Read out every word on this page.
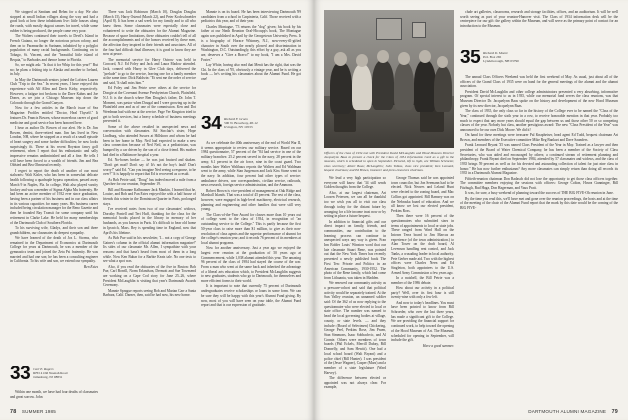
We stopped at Santiam and Behm for a day. We also stopped at small Indian villages along the way and had a good look at how these inhabitants live: little houses along the roads, with mostly dugout canoes for travel, while some rubber is being produced, the people came very poor.

The Walters continued their travels to Devil's Island in French Guiana, no longer the notorious prison colony, and then on to Paramaribo in Surinam, inhabited by a polyglot population of many racial backgrounds. Continuing on to Tobago, St. Vincent, and the "beautiful little island of Bequia," to Barbados and thence home to Florida.

So, we might ask: "Is that it for Whip for this year?" But no; he plans a fishing trip to Alaska and another to Iceland, in July.

In May the Dartmouth seniors joined the Lofoten Lauren Club "Trip to the Sea." In recent years, I have enjoyed this experience with Alf Allen and Davis Kirby, respectively. However, a fatigue trot beckons to the Dave Kahns and Joe Dones, as we join a Chicago Museum trip down the Colorado through the Grand Canyon.

Now for a few articles in the March issue of Sea Magazine: Profiles entitled "Doctor, Heal Thyself." It features Dr. Francis Bowen, whose marvelous career of good medicine and good service has been honored here.

I hear as author Dr. Bowen of our alert. He is Dr. Jim Bowen, dentist, three-retired man. Jim has lived in New London, NH, where he stopped as a result of a small episode of heart surgery and some further difficulties; he now looks surprisingly fit. These at his recent Boynton fancy golf retirement, when I report that his enthusiastic and sally impressive remains undiminished and all a fine. He tells I will have been forced to a wealth of friends. Jim and Bea Oldsted and Bea Olmstead recently.

I regret to report the death of another of our most stalwarts: Walt Kisler, who has been in somewhat delicate health following a quadruple bypass operation, passed away March 9 in Naples, Fla. In college, Walt also played varsity hockey and was a member of Sigma Alpha Mu fraternity. He had been an active member of 1932 ever since graduation, having been a partner of his business and in our class affairs in its various capacities for many years. His business career included being circulation manager for the Reno Gazette and then he founded Bay Transit for some company until his retirement in Clarke Lake. He held for many memberships of the Dartmouth Club of Southern Florida.

To his surviving wife, Gladys, and their son and three grandchildren, our classmates do deepest sympathy.

We have learned of the death of Jos L. Storms, who remained in the Department of Economics at Dartmouth College for years at Dartmouth, he was a member of the gymnastics team and joined the Zeta Psi fraternity. He was married and had one son; he has been a consulting engineer in California. To his wife and son, we extend our sympathy.

Ben Estes

33 Carl E. Rogers
RFD 4 Old Neenah Road
Jamesburg, NJ 08831

Within one month, we have had four deaths of classmates and great sorrow. John

There was Jack Robinson (March 10), Douglas Douglas (March 15), Harry Ostend (March 22), and Peter Kochschneider (April 8). It has been a sad week for my family and to all who knew them. Some classmates were especially close and volunteered to write the obituaries for the Alumni Magazine. Because of space limitations, these obituaries couldn't tell of all the accomplishments and of the honors received by these men, the affection they inspired in their friends and associates. All of the four had difficult final illnesses; it is good to know they are now at peace.

The memorial service for Harry Ostrow was held in Concord, N.J. Ed Foley and Jack and Laura Madow attended. Jack, conned with Harry in Glee Club days, delivered the "prelude" to go to the service, leaving one for a family member at the same time. Dick Baldwin: "Et sent me the order of service and said, 'It shall miss him.'"

Ed Foley and Jim Petrie were others at the service for Doogie at the Covenant Avenue Presbyterian Church, Plainfield, N.J. It is the church where Ben Douglas's father, Dr. John T. Moment, was pastor when Dougal and I were growing up in the Plainfield area and as of one of the commission. Ken and Dot Weedman had with me at the service. Page Ver Kingston tried to get to both services, but a heavy schedule of business meetings prevented it.

Some of the above resulted in unexpected news and conversation with classmates. Ed Sinclair's sister, Hope Lindburg, who attended Sussex at Hillsboro and whom he had been in her home in May. Neil had expected to make a new class connection because of Ned Neil, as a pediatrician, was bumped by a car driven by the son of a close friend. His mother had died in a Baltimore hospital a year.

Ed. No-bones broker — he was just bruised and shaken. "Don't get mad! Don't say it! It's not the boy's fault! Don't worry!" said Ed. "Can you imagine Ned seeing a response, to be over?" It is happily to report that Ed is recovered as a result.

As Bob Petrie said, "Doug" has indeed moved a mile from a Quechee for our reunion, September 19.

Bill and Rosanne Kalbrunner Jack Mankin, I learned that he, Louise, and Bob and Fan Estes enjoyed the with a half house of friends this winter in the Dominican Quarter in Paris, prolonged stays.

I've received notes from two of our classmates' widows, Dorothy Pontell and Teri Huff, thanking for the class for the memorial books placed in the library in memory of her husbands, as you known in Paris. It's difficult to bear old home in Ipswich, Mass. Rey is spending time in England, now that April's his lifetime.

As Bob Pue said in his newsletter, 'I... not a copy of George Gaines's column in the official alumni information magazine?' Its sides of our classmate Mr. Allen, I sympathize with your reasons: and that hasn't heard from most of them in a long while. Now Ken Bubar for a Barbie Keats tale. No one tests to see what a spot was.

Also, if you read the obituaries of the five in Boston: Bob Pue, Carl Borrill, Norm Erlandson, Dermott and Sue Townsend are working on a Cape Cod story for June 25–26, where President McLaughlin is visiting that year's Dartmouth Awards Ceremony.

Mannie Sprague reports seeing Bob and Marian Carr a Santa Barbara, Calif. Darner, then, said he had now, his new home.

Mannie is on its board. He has been interviewing Dartmouth '89 candidates from a school in Carpinteria, Calif. Those received with a pediatrics this year, and of their year.

Charles Montague, '73 returns the "dog" given; his book by his father at our Ninth Reunion Oral-Hiccupp's book, The Montague again was published in April by the Georgetown University Press. It is a biography of Horace Whinney, N.J., now-every-ill-gifted character in South over the nearly plowed and discrimination in Washington, D.C. Outstandingly, this effort by a guy, ask all as you are, deserves a "Give a Bravo!" to my book, "I am a Mrs. David Foster."

Lay White, having also read that Menit has the right, that was the Chi. In the class of '95, obviously a vintage year, and he is writing a book — he's writing his classmates about the Alumni Fund. He got one!

34 Richard F. Gruen
500 N. Broadway, #P-12
Irvington, NY 10533

As we celebrate the 40th anniversary of the end of World War II, it seems appropriate to review our military service. Based on our 1984 questionnaire, 57 percent of the "84 had service in one of the military branches: 25.2 percent served in the navy, 28 percent in the army, 6.1 percent in the air force, nine in the coast guard. Two months later Walter Walthaux reports the Walters and Ed Waldman went to the army, while Stan Jurgenson and Jack Kiss Stone went to the navy. In addition, four percent had other types of service: ambulance drivers, war correspondents, civilian service, railroads, news research, foreign service administration, and the Ammons.

Robert Brown is vice-president of management at Oak Ridge and Marshall Islands. That was a total of 45 percent. The rest of the class, however, were engaged in high-level machinery, electrical research, planning and engineering and other families that were still very young.

The Class-of-the-Year Award for classes more than 10 years out of college went to the class of 1934, in recognition of "an outstanding service to the College." This is partly because the first 50-year class to raise more than $1 million, to give as their non-resolution of class agents and the superior performance of alumni for the college's reunion year; and it records 76 percent of its members at local alumni programs.

Now for another anniversary. Just a year ago we enjoyed the largest ever reunion at the graduation of 50 years ago at Commencement, while 1,038 alumni attended this year. The amazing 96 percent of the class of 1984 had stayed the course of the war. From a man who went at the same back and inherited the advantage of a liberal arts education which, to President McLaughlin suggests to new graduates, students who go to Dartmouth, for themselves and more efficient forms to their world.

It is important to note that currently 75 percent of Dartmouth undergraduates receive scholarships or loans in some form. We can be sure they will be happy with this year's Alumni Fund giving. By now, most of you will have seen on your table, the Alumni Fund report and that is our expression of gratitude.

78 SUMMER 1985

Officers of the class of 1934 met with President David McLaughlin and Hood Museum Director Jacquelynn Baas to present a check for the Class of 1934 Information Card as a gift to the museum, which is scheduled to open in September. Pictured, left to right, are William Schroeter, class secretary; Albert Baas; McLaughlin; John Tobias, class vice president; Ken Leonard, bequest chairman; and Ed Brown, treasurer and press-resources chairman.

We lead a very high participation so everyone will know that '34 still sends Golden thoughts from the College.

Also, at our largest chairman, Art Loosen Petersen, we can all be thankful too we wish you all to visit our class through today for the distant future by arranging for a life income trust now or by setting in place a future bequest.

In addition to financial gifts and our direct impact on family, friends, and communities, our contribution to the learning process can continue in unexpected ways any way is given. Fran Inn Bolder Louis' Winston word that our late classmate Stuart Rene, was pointed out that the New York Times has recently presented a newly published book The First Ten: Private and Politics in an American Community, 1930-1952. The photo of the Rene family, which had come from Lithuania, was taken in Madden.

We renewed our community activity as a pressure-cohort and said that political activity would be separately trained. At the Sun Valley reunion, an unnamed soldier said: Of the 362 of us now replying to the questionnaire who were elected to local or state office. The number was named to head the local governing bodies at village, county, or state levels. — and they include: (Board of Selectmen) Chickering, George Peel, Perkins Rose, Jim Pruen, Stan Simmons, Isaac Sobbachvic, and Al Connie. Others were members of town boards (Phil Eckels, Merrill Dubay, Bill Donnelly, and Sam Hewitt). One had a local school board (Walt Bryant) and a police chief (Bill Hunter). I was president of the (Jesse Wagner), Casper (Mars) and a member of a state legislature (Ward Harvey).

The difference between elected or appointed was not always clear. For example,

George Thomas said he was appointed town councilor, but Jon Seemann had to be elected. Nick Neaves and Leland Hunt were elected to the zoning board, and Mac Collins got appointed. Bill Ramsey was on the Nebraska board of education. And we all know we lost our elected president, Perkins Ross.

Then there were 16 percent of the questionnaires who submitted sizes in terms of appointments to local or state jobs. These ranged from Ward Hall on the Intown Terra board to Jim Marcus an experience (of the town administration.) to Alan Tower on the draft board, Al Levenson handling rent control, and Jack Tanks, a crusading leader in local authority. Pete Gerber made aid. Two with the highest offices were Charles Neen and Ed Singleton, both appointees to the U.S. Armed Army Commission a few years ago.

In a nutshell, the Bill Petrie was a member of the 1986 debate.

How about our activity in a political party? Well, over its first hour is still twenty-nine with only a few left.

And now to today's headlines. You must have been pointed to know from Bill Schroeder, who over the last three years, has made a significant gift to the College. We are providing the financial support for continued work, to help toward the opening of the Hood Museum of Art. The Museum, scheduled for opening in September, will include the gift.

Have a good summer.

clude art galleries, classrooms, research and storage facilities, offices, and an auditorium. It will be well worth seeing as part of your reunion-Hanover visit. The Class of 1934 information desk will be the centrepiece for our gift: the gallery within the Museum, and will serve as the primary point of contact for an introduction to the Museum.

35 Richard D. Moore
P.O. Box 265
Lyndeborough, NH 03790

The annual Class Officers Weekend was held the first weekend of May. As usual, just about all of the officers of the Grand Class of 1935 were on hand for the general meetings of the alumni and the alumni association.

President David McLaughlin and other college administrators presented a very absorbing, informative program. Of special interest to us in 1935, while our memorial fund serves the class reunions, was that Museum Director Dr. Jacquelynn Baas spoke on the history and development of the new Hood Museum given by its new director, Jacquelynn Baas.

The class of 1935, the only class so far in the history of the College ever to be named the "Class of the Year," continued through the sixth year in a row, to receive honorable mention in that year. Probably too much to expect that any more years should equal the gap between us and those other 50 or so competing classes of the year. Nobody but class, another prestigious award: The new "Class President of the Year" was announced to be our own Dick Moore. We did it!

On hand for these meetings were treasurer Pal Knapheiser, head agent Ed Todd, bequest chairman Art Brown, and members of the Executive committee Mike Reg Bankart and Dave Saunders.

Frank Leonard Bryant '35 was named Class President of the Year in May. Trained as a lawyer and then president of the Board of Water Chemical Company, he has been a member of the Society of Class Secretaries, who was aided and encouraged by others; a continued stream of retirement planning and philanthropy. Frank Bryant died on September 1984, attended by 57 classmates and widows, and the class of 1935 brings 59 percent as well as for his devoted and astounding collection of talent for just nine class in honor." He has now further enthusiasm? Any more classmates can simply return than doing all records its 1935 in a Dartmouth Alumni Magazine.

Fiftieth-reunion chairman Don Radasch did not lose the opportunity to get those class officers together. The committee members enjoying the sessions with officers: George Colton, Hosea Gunninger, Bill Fitzhugh, Bud Haga, Don Hagerman, and Vaux Pratt.

It was, for sure, a busy weekend of planning toward the success of THE BIG FIVE-Oh reunion in June.

By the time you read this, we'll have met and gone over the reunion proceedings, the hosts and at the time of the meeting of the chair of the Alumni Fund report that the mark by this date would be the coming of the BIG FIVE-

DARTMOUTH ALUMNI MAGAZINE 79
